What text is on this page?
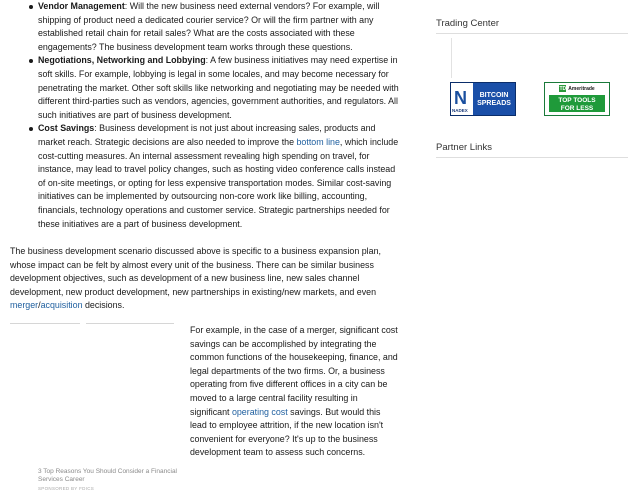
Vendor Management: Will the new business need external vendors? For example, will shipping of product need a dedicated courier service? Or will the firm partner with any established retail chain for retail sales? What are the costs associated with these engagements? The business development team works through these questions.
Negotiations, Networking and Lobbying: A few business initiatives may need expertise in soft skills. For example, lobbying is legal in some locales, and may become necessary for penetrating the market. Other soft skills like networking and negotiating may be needed with different third-parties such as vendors, agencies, government authorities, and regulators. All such initiatives are part of business development.
Cost Savings: Business development is not just about increasing sales, products and market reach. Strategic decisions are also needed to improve the bottom line, which include cost-cutting measures. An internal assessment revealing high spending on travel, for instance, may lead to travel policy changes, such as hosting video conference calls instead of on-site meetings, or opting for less expensive transportation modes. Similar cost-saving initiatives can be implemented by outsourcing non-core work like billing, accounting, financials, technology operations and customer service. Strategic partnerships needed for these initiatives are a part of business development.

The business development scenario discussed above is specific to a business expansion plan, whose impact can be felt by almost every unit of the business. There can be similar business development objectives, such as development of a new business line, new sales channel development, new product development, new partnerships in existing/new markets, and even merger/acquisition decisions.

For example, in the case of a merger, significant cost savings can be accomplished by integrating the common functions of the housekeeping, finance, and legal departments of the two firms. Or, a business operating from five different offices in a city can be moved to a large central facility resulting in significant operating cost savings. But would this lead to employee attrition, if the new location isn't convenient for everyone? It's up to the business development team to assess such concerns.
3 Top Reasons You Should Consider a Financial Services Career
SPONSORED BY FDICS
Trading Center
N
NADEX
BITCOIN
SPREADS
TD Ameritrade
TOP TOOLS
FOR LESS
Partner Links
